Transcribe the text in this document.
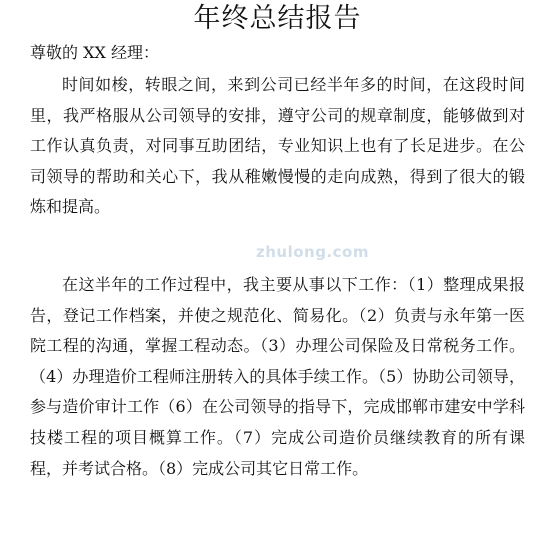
年终总结报告
尊敬的 XX 经理：

时间如梭，转眼之间，来到公司已经半年多的时间，在这段时间里，我严格服从公司领导的安排，遵守公司的规章制度，能够做到对工作认真负责，对同事互助团结，专业知识上也有了长足进步。在公司领导的帮助和关心下，我从稚嫩慢慢的走向成熟，得到了很大的锻炼和提高。

在这半年的工作过程中，我主要从事以下工作：（1）整理成果报告，登记工作档案，并使之规范化、简易化。（2）负责与永年第一医院工程的沟通，掌握工程动态。（3）办理公司保险及日常税务工作。（4）办理造价工程师注册转入的具体手续工作。（5）协助公司领导，参与造价审计工作（6）在公司领导的指导下，完成邯郸市建安中学科技楼工程的项目概算工作。（7）完成公司造价员继续教育的所有课程，并考试合格。（8）完成公司其它日常工作。

zhulong.com
